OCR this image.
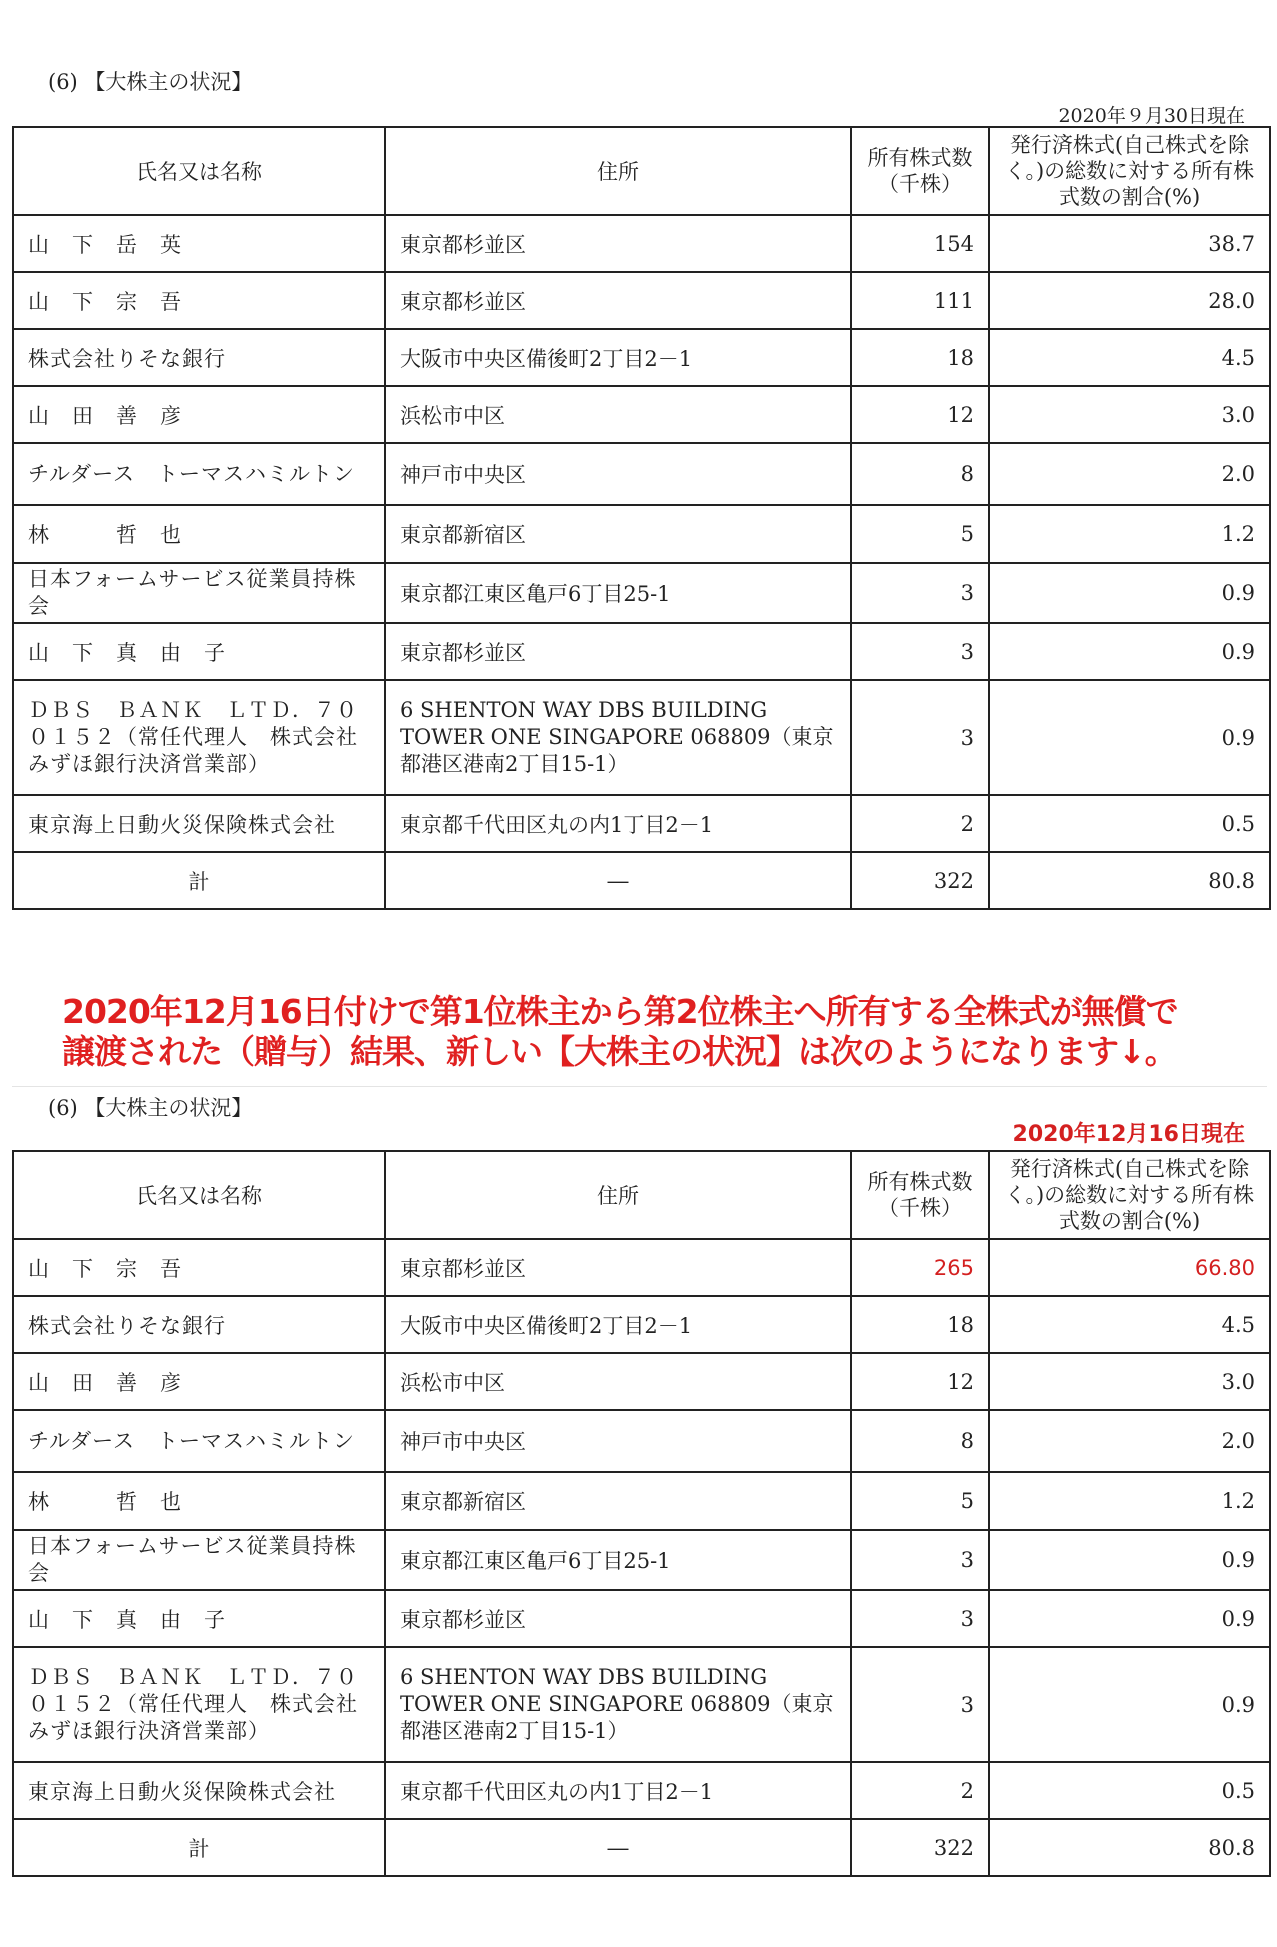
(6) 【大株主の状況】
2020年９月30日現在
氏名又は名称	住所	所有株式数（千株）	発行済株式(自己株式を除く。)の総数に対する所有株式数の割合(%)
山　下　岳　英	東京都杉並区	154	38.7
山　下　宗　吾	東京都杉並区	111	28.0
株式会社りそな銀行	大阪市中央区備後町2丁目2－1	18	4.5
山　田　善　彦	浜松市中区	12	3.0
チルダース　トーマスハミルトン	神戸市中央区	8	2.0
林　　　哲　也	東京都新宿区	5	1.2
日本フォームサービス従業員持株会	東京都江東区亀戸6丁目25-1	3	0.9
山　下　真　由　子	東京都杉並区	3	0.9
ＤＢＳ　ＢＡＮＫ　ＬＴＤ．７００１５２（常任代理人　株式会社みずほ銀行決済営業部）	6 SHENTON WAY DBS BUILDING TOWER ONE SINGAPORE 068809（東京都港区港南2丁目15-1）	3	0.9
東京海上日動火災保険株式会社	東京都千代田区丸の内1丁目2－1	2	0.5
計	―	322	80.8
2020年12月16日付けで第1位株主から第2位株主へ所有する全株式が無償で
譲渡された（贈与）結果、新しい【大株主の状況】は次のようになります↓。
(6) 【大株主の状況】
2020年12月16日現在
氏名又は名称	住所	所有株式数（千株）	発行済株式(自己株式を除く。)の総数に対する所有株式数の割合(%)
山　下　宗　吾	東京都杉並区	265	66.80
株式会社りそな銀行	大阪市中央区備後町2丁目2－1	18	4.5
山　田　善　彦	浜松市中区	12	3.0
チルダース　トーマスハミルトン	神戸市中央区	8	2.0
林　　　哲　也	東京都新宿区	5	1.2
日本フォームサービス従業員持株会	東京都江東区亀戸6丁目25-1	3	0.9
山　下　真　由　子	東京都杉並区	3	0.9
ＤＢＳ　ＢＡＮＫ　ＬＴＤ．７００１５２（常任代理人　株式会社みずほ銀行決済営業部）	6 SHENTON WAY DBS BUILDING TOWER ONE SINGAPORE 068809（東京都港区港南2丁目15-1）	3	0.9
東京海上日動火災保険株式会社	東京都千代田区丸の内1丁目2－1	2	0.5
計	―	322	80.8
